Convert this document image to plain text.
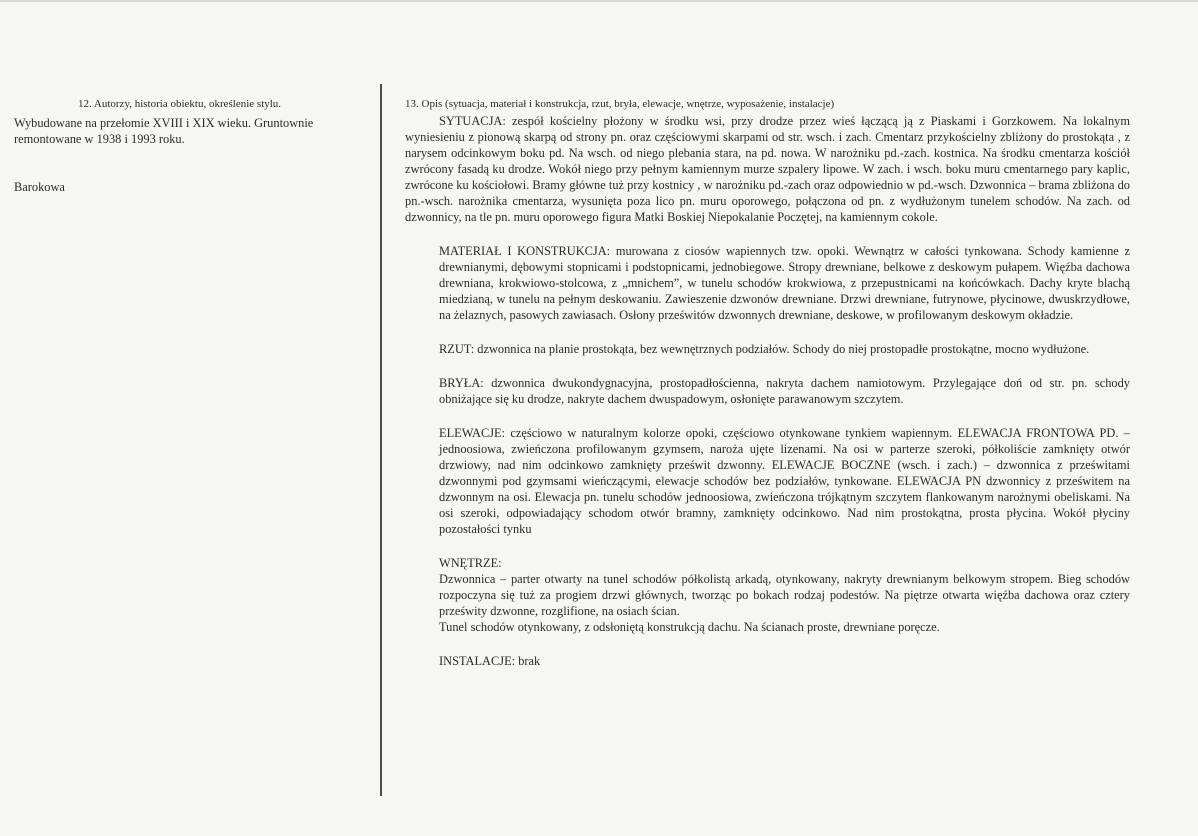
12. Autorzy, historia obiektu, określenie stylu.

Wybudowane na przełomie XVIII i XIX wieku. Gruntownie remontowane w 1938 i 1993 roku.
Barokowa

13. Opis (sytuacja, materiał i konstrukcja, rzut, bryła, elewacje, wnętrze, wyposażenie, instalacje)

SYTUACJA: zespół kościelny płożony w środku wsi, przy drodze przez wieś łączącą ją z Piaskami i Gorzkowem. Na lokalnym wyniesieniu z pionową skarpą od strony pn. oraz częściowymi skarpami od str. wsch. i zach. Cmentarz przykościelny zbliżony do prostokąta , z narysem odcinkowym boku pd. Na wsch. od niego plebania stara, na pd. nowa. W narożniku pd.-zach. kostnica. Na środku cmentarza kościół zwrócony fasadą ku drodze. Wokół niego przy pełnym kamiennym murze szpalery lipowe. W zach. i wsch. boku muru cmentarnego pary kaplic, zwrócone ku kościołowi. Bramy główne tuż przy kostnicy , w narożniku pd.-zach oraz odpowiednio w pd.-wsch. Dzwonnica – brama zbliżona do pn.-wsch. narożnika cmentarza, wysunięta poza lico pn. muru oporowego, połączona od pn. z wydłużonym tunelem schodów. Na zach. od dzwonnicy, na tle pn. muru oporowego figura Matki Boskiej Niepokalanie Poczętej, na kamiennym cokole.

MATERIAŁ I KONSTRUKCJA: murowana z ciosów wapiennych tzw. opoki. Wewnątrz w całości tynkowana. Schody kamienne z drewnianymi, dębowymi stopnicami i podstopnicami, jednobiegowe. Stropy drewniane, belkowe z deskowym pułapem. Więźba dachowa drewniana, krokwiowo-stolcowa, z „mnichem”, w tunelu schodów krokwiowa, z przepustnicami na końcówkach. Dachy kryte blachą miedzianą, w tunelu na pełnym deskowaniu. Zawieszenie dzwonów drewniane. Drzwi drewniane, futrynowe, płycinowe, dwuskrzydłowe, na żelaznych, pasowych zawiasach. Osłony prześwitów dzwonnych drewniane, deskowe, w profilowanym deskowym okładzie.

RZUT: dzwonnica na planie prostokąta, bez wewnętrznych podziałów. Schody do niej prostopadłe prostokątne, mocno wydłużone.

BRYŁA: dzwonnica dwukondygnacyjna, prostopadłościenna, nakryta dachem namiotowym. Przylegające doń od str. pn. schody obniżające się ku drodze, nakryte dachem dwuspadowym, osłonięte parawanowym szczytem.

ELEWACJE: częściowo w naturalnym kolorze opoki, częściowo otynkowane tynkiem wapiennym. ELEWACJA FRONTOWA PD. – jednoosiowa, zwieńczona profilowanym gzymsem, naroża ujęte lizenami. Na osi w parterze szeroki, półkoliście zamknięty otwór drzwiowy, nad nim odcinkowo zamknięty prześwit dzwonny. ELEWACJE BOCZNE (wsch. i zach.) – dzwonnica z prześwitami dzwonnymi pod gzymsami wieńczącymi, elewacje schodów bez podziałów, tynkowane. ELEWACJA PN dzwonnicy z prześwitem na dzwonnym na osi. Elewacja pn. tunelu schodów jednoosiowa, zwieńczona trójkątnym szczytem flankowanym narożnymi obeliskami. Na osi szeroki, odpowiadający schodom otwór bramny, zamknięty odcinkowo. Nad nim prostokątna, prosta płycina. Wokół płyciny pozostałości tynku

WNĘTRZE:

Dzwonnica – parter otwarty na tunel schodów półkolistą arkadą, otynkowany, nakryty drewnianym belkowym stropem. Bieg schodów rozpoczyna się tuż za progiem drzwi głównych, tworząc po bokach rodzaj podestów. Na piętrze otwarta więźba dachowa oraz cztery prześwity dzwonne, rozglifione, na osiach ścian.

Tunel schodów otynkowany, z odsłoniętą konstrukcją dachu. Na ścianach proste, drewniane poręcze.

INSTALACJE: brak
